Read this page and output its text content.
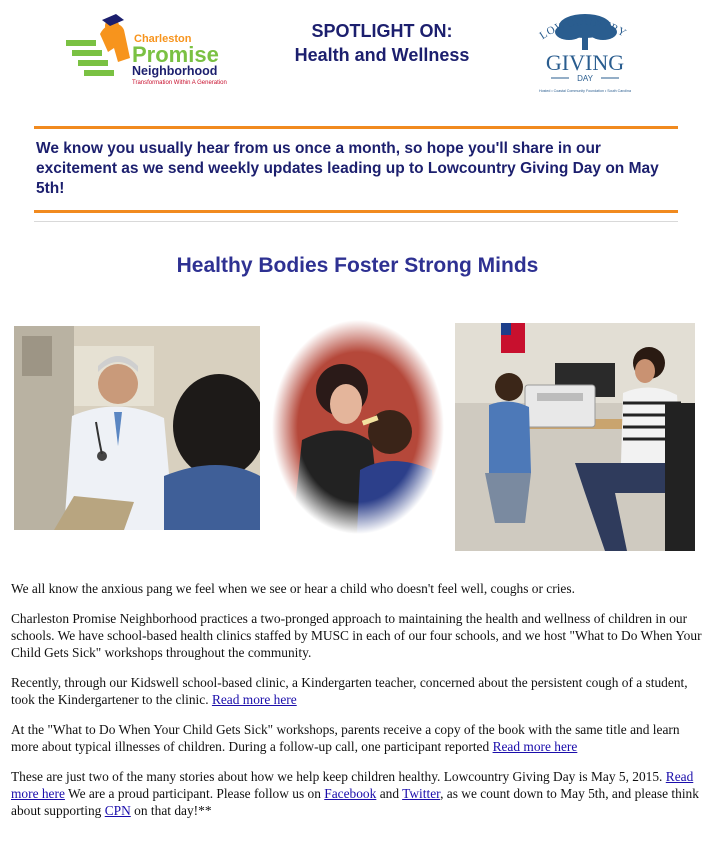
Charleston
Promise
Neighborhood
Transformation Within A Generation
SPOTLIGHT ON:
Health and Wellness
LOWCOUNTRY
GIVING
DAY
Hosted • Coastal Community Foundation • South Carolina
We know you usually hear from us once a month, so hope you'll share in our excitement as we send weekly updates leading up to Lowcountry Giving Day on May 5th!
Healthy Bodies Foster Strong Minds

We all know the anxious pang we feel when we see or hear a child who doesn't feel well, coughs or cries.

Charleston Promise Neighborhood practices a two-pronged approach to maintaining the health and wellness of children in our schools. We have school-based health clinics staffed by MUSC in each of our four schools, and we host "What to Do When Your Child Gets Sick" workshops throughout the community.

Recently, through our Kidswell school-based clinic, a Kindergarten teacher, concerned about the persistent cough of a student, took the Kindergartener to the clinic. Read more here

At the "What to Do When Your Child Gets Sick" workshops, parents receive a copy of the book with the same title and learn more about typical illnesses of children. During a follow-up call, one participant reported Read more here

These are just two of the many stories about how we help keep children healthy. Lowcountry Giving Day is May 5, 2015. Read more here We are a proud participant. Please follow us on Facebook and Twitter, as we count down to May 5th, and please think about supporting CPN on that day!**
